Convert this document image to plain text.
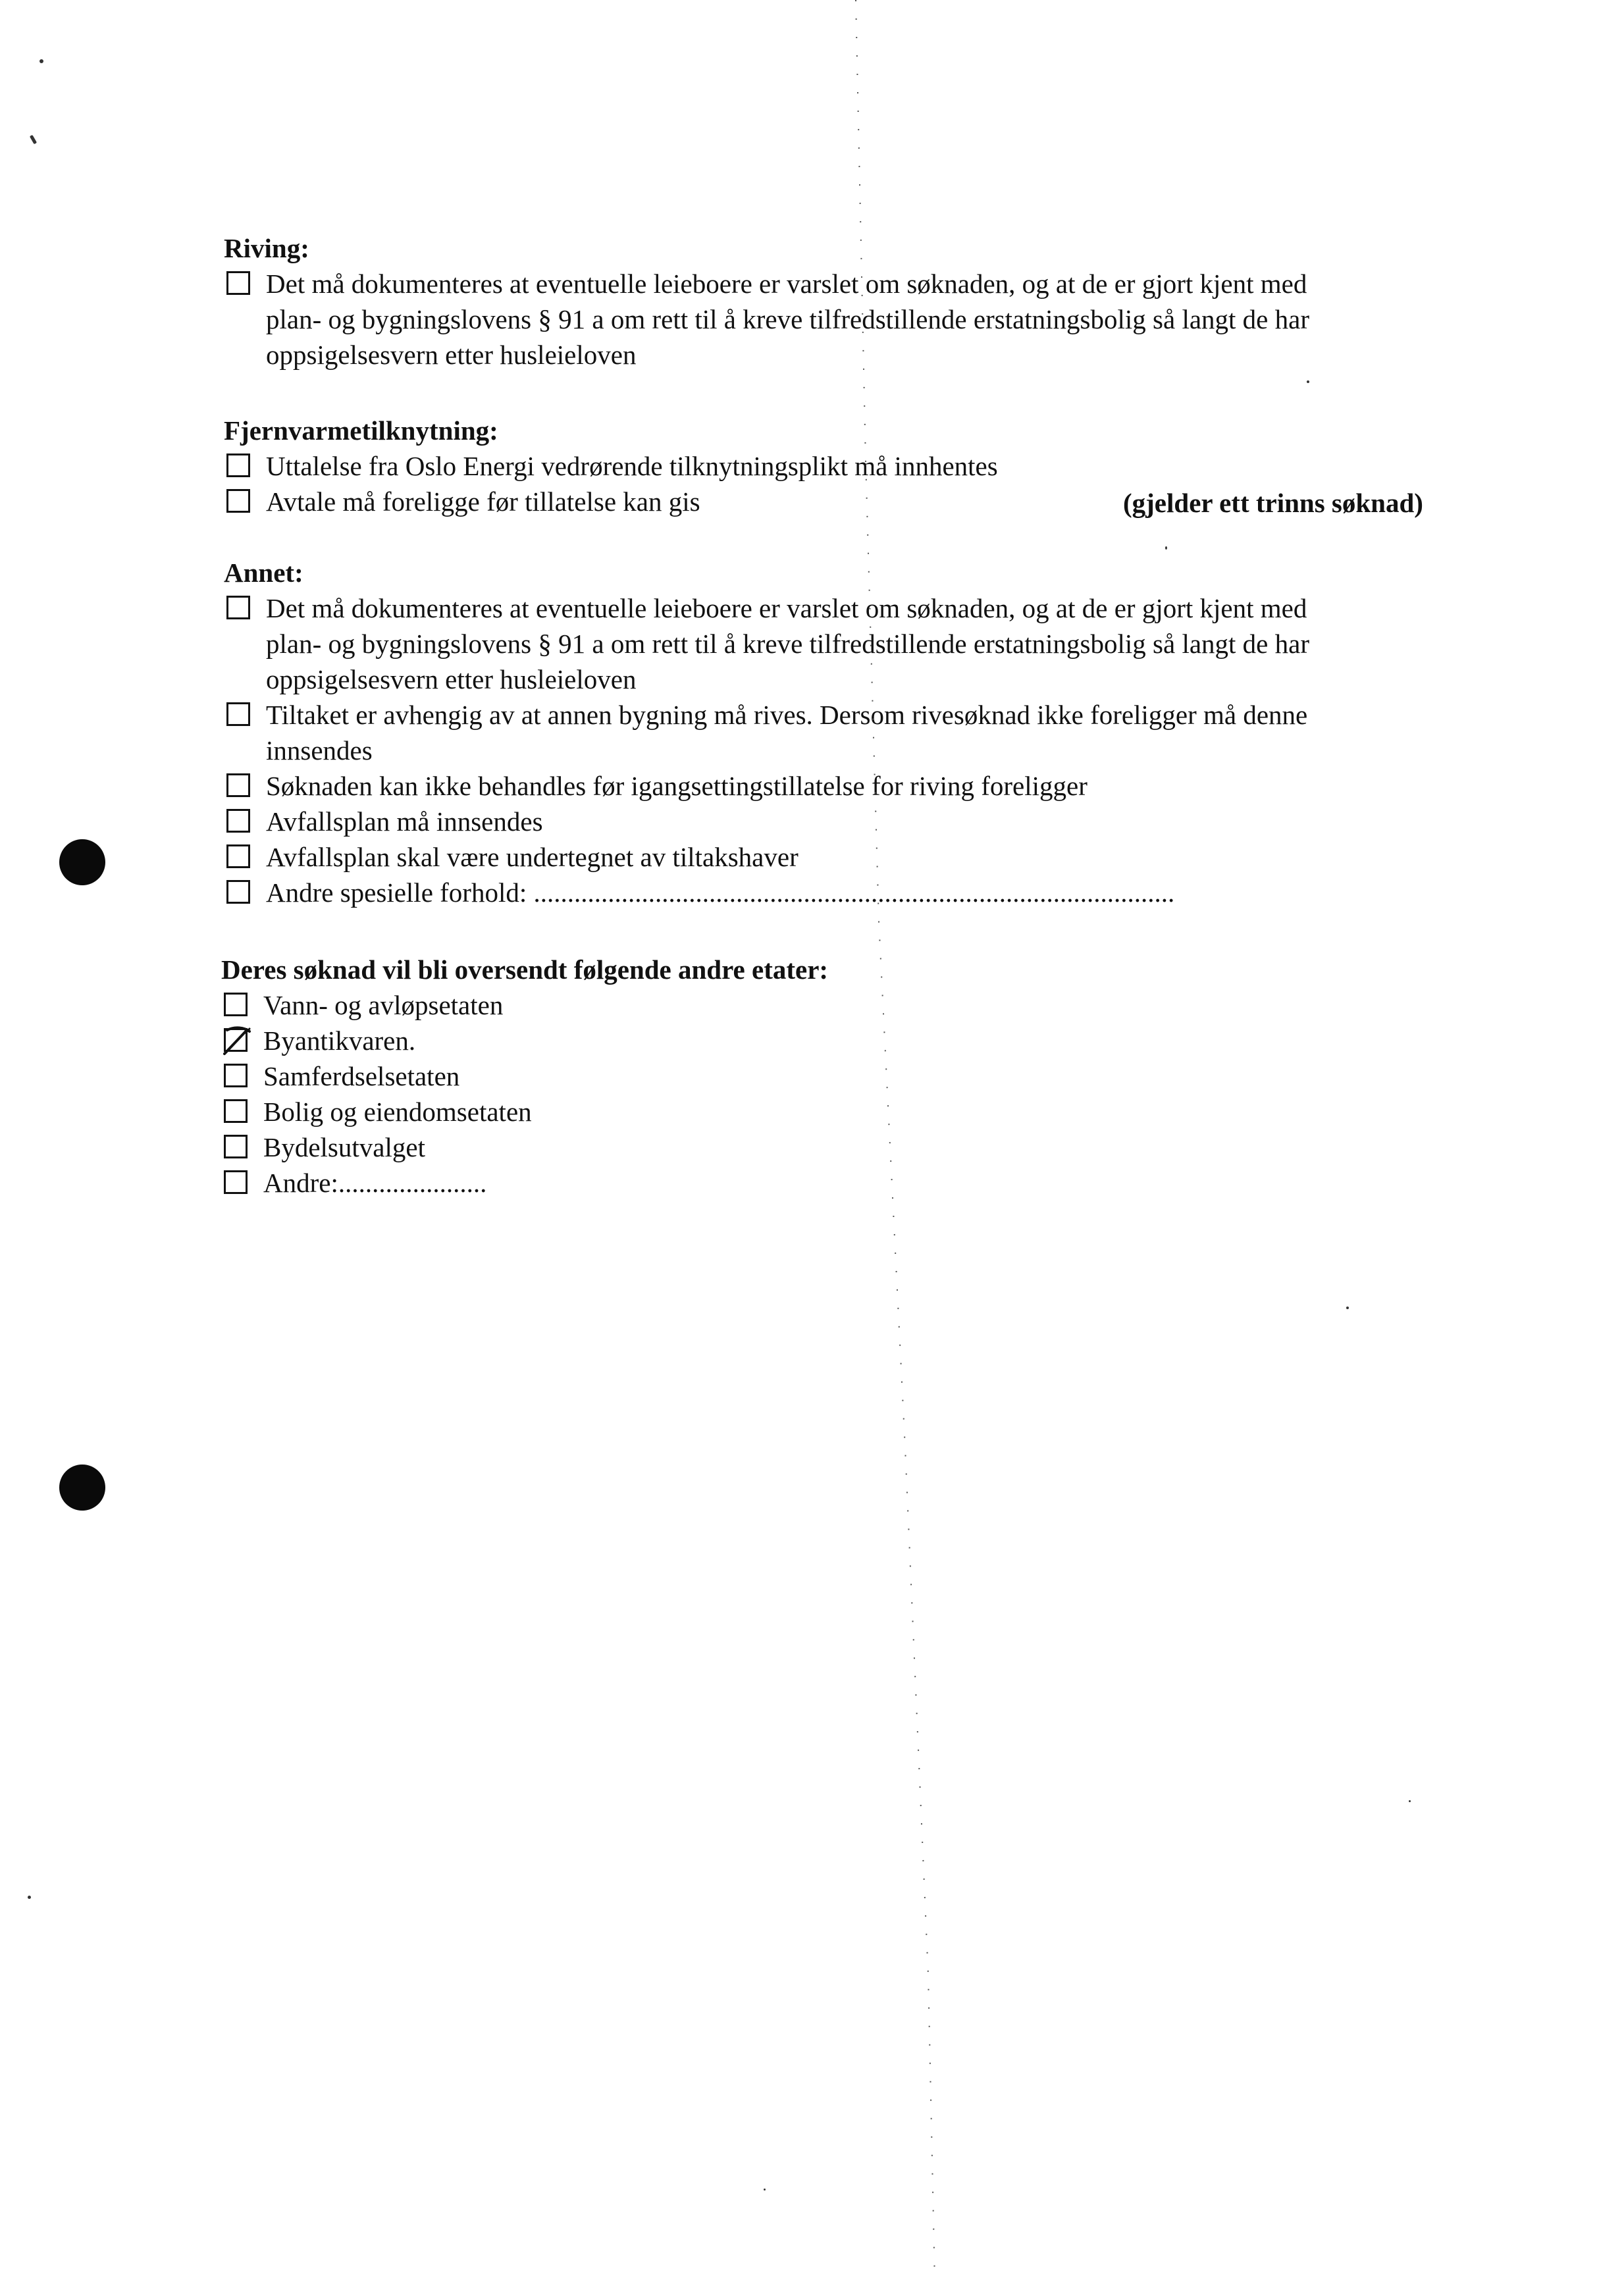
Riving:

Det må dokumenteres at eventuelle leieboere er varslet om søknaden, og at de er gjort kjent med
plan- og bygningslovens § 91 a om rett til å kreve tilfredstillende erstatningsbolig så langt de har
oppsigelsesvern etter husleieloven

Fjernvarmetilknytning:

Uttalelse fra Oslo Energi vedrørende tilknytningsplikt må innhentes
Avtale må foreligge før tillatelse kan gis	(gjelder ett trinns søknad)

Annet:

Det må dokumenteres at eventuelle leieboere er varslet om søknaden, og at de er gjort kjent med
plan- og bygningslovens § 91 a om rett til å kreve tilfredstillende erstatningsbolig så langt de har
oppsigelsesvern etter husleieloven
Tiltaket er avhengig av at annen bygning må rives. Dersom rivesøknad ikke foreligger må denne
innsendes
Søknaden kan ikke behandles før igangsettingstillatelse for riving foreligger
Avfallsplan må innsendes
Avfallsplan skal være undertegnet av tiltakshaver
Andre spesielle forhold: ...............................................................................................

Deres søknad vil bli oversendt følgende andre etater:

Vann- og avløpsetaten
Byantikvaren.
Samferdselsetaten
Bolig og eiendomsetaten
Bydelsutvalget
Andre:......................
